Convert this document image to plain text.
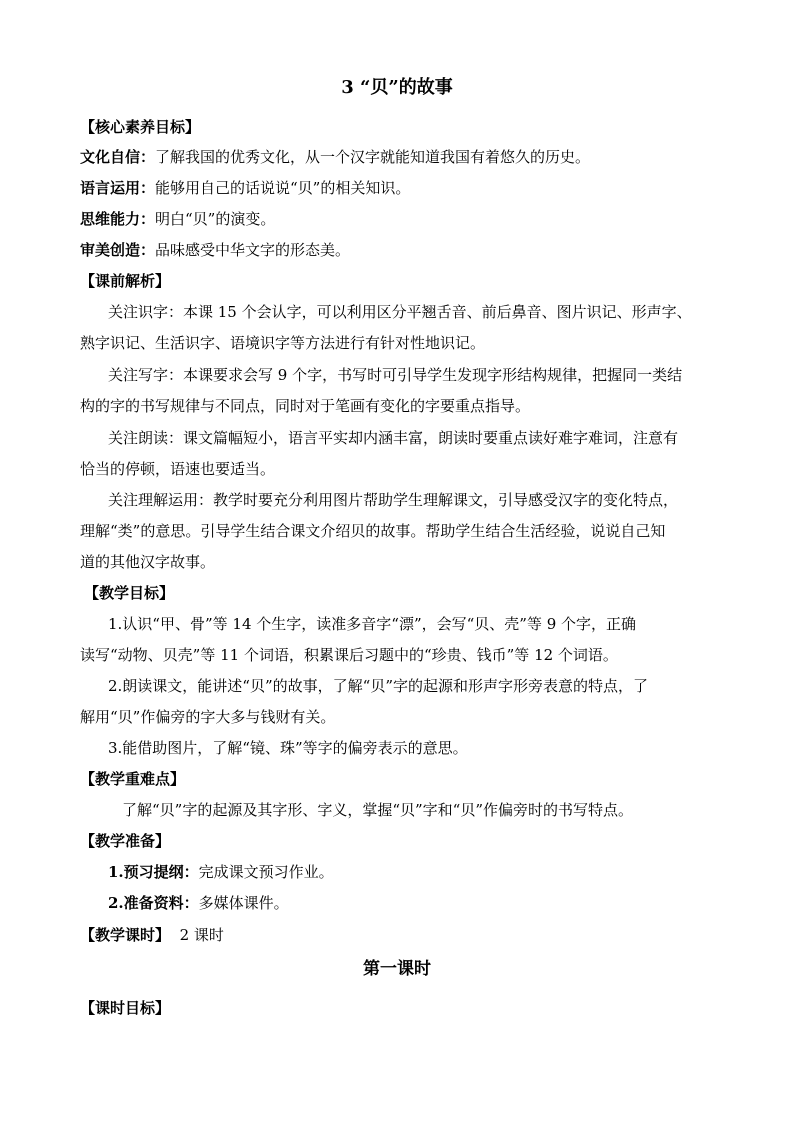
3 “贝”的故事
【核心素养目标】
文化自信：了解我国的优秀文化，从一个汉字就能知道我国有着悠久的历史。
语言运用：能够用自己的话说说“贝”的相关知识。
思维能力：明白“贝”的演变。
审美创造：品味感受中华文字的形态美。
【课前解析】
关注识字：本课 15 个会认字，可以利用区分平翘舌音、前后鼻音、图片识记、形声字、
熟字识记、生活识字、语境识字等方法进行有针对性地识记。
关注写字：本课要求会写 9 个字，书写时可引导学生发现字形结构规律，把握同一类结
构的字的书写规律与不同点，同时对于笔画有变化的字要重点指导。
关注朗读：课文篇幅短小，语言平实却内涵丰富，朗读时要重点读好难字难词，注意有
恰当的停顿，语速也要适当。
关注理解运用：教学时要充分利用图片帮助学生理解课文，引导感受汉字的变化特点，
理解“类”的意思。引导学生结合课文介绍贝的故事。帮助学生结合生活经验，说说自己知
道的其他汉字故事。
【教学目标】
1.认识“甲、骨”等 14 个生字，读准多音字“漂”，会写“贝、壳”等 9 个字，正确
读写“动物、贝壳”等 11 个词语，积累课后习题中的“珍贵、钱币”等 12 个词语。
2.朗读课文，能讲述“贝”的故事，了解“贝”字的起源和形声字形旁表意的特点，了
解用“贝”作偏旁的字大多与钱财有关。
3.能借助图片，了解“镜、珠”等字的偏旁表示的意思。
【教学重难点】
了解“贝”字的起源及其字形、字义，掌握“贝”字和“贝”作偏旁时的书写特点。
【教学准备】
1.预习提纲：完成课文预习作业。
2.准备资料：多媒体课件。
【教学课时】 2 课时
第一课时
【课时目标】
